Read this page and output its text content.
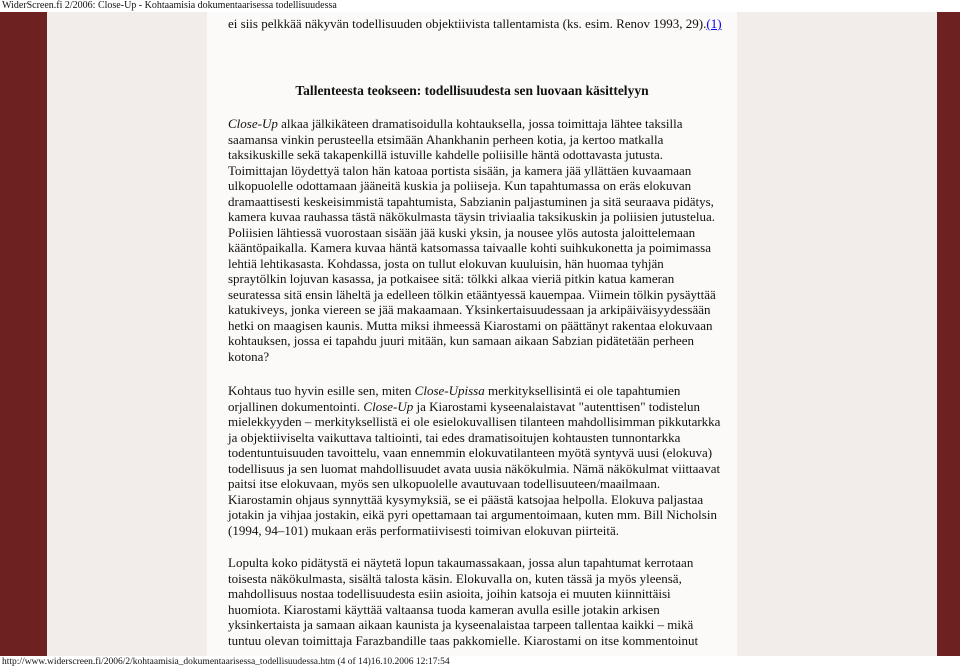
WiderScreen.fi 2/2006: Close-Up - Kohtaamisia dokumentaarisessa todellisuudessa
ei siis pelkkää näkyvän todellisuuden objektiivista tallentamista (ks. esim. Renov 1993, 29).(1)
Tallenteesta teokseen: todellisuudesta sen luovaan käsittelyyn
Close-Up alkaa jälkikäteen dramatisoidulla kohtauksella, jossa toimittaja lähtee taksilla
saamansa vinkin perusteella etsimään Ahankhanin perheen kotia, ja kertoo matkalla
taksikuskille sekä takapenkillä istuville kahdelle poliisille häntä odottavasta jutusta.
Toimittajan löydettyä talon hän katoaa portista sisään, ja kamera jää yllättäen kuvaamaan
ulkopuolelle odottamaan jääneitä kuskia ja poliiseja. Kun tapahtumassa on eräs elokuvan
dramaattisesti keskeisimmistä tapahtumista, Sabzianin paljastuminen ja sitä seuraava pidätys,
kamera kuvaa rauhassa tästä näkökulmasta täysin triviaalia taksikuskin ja poliisien jutustelua.
Poliisien lähtiessä vuorostaan sisään jää kuski yksin, ja nousee ylös autosta jaloittelemaan
kääntöpaikalla. Kamera kuvaa häntä katsomassa taivaalle kohti suihkukonetta ja poimimassa
lehtiä lehtikasasta. Kohdassa, josta on tullut elokuvan kuuluisin, hän huomaa tyhjän
spraytölkin lojuvan kasassa, ja potkaisee sitä: tölkki alkaa vieriä pitkin katua kameran
seuratessa sitä ensin läheltä ja edelleen tölkin etääntyessä kauempaa. Viimein tölkin pysäyttää
katukiveys, jonka viereen se jää makaamaan. Yksinkertaisuudessaan ja arkipäiväisyydessään
hetki on maagisen kaunis. Mutta miksi ihmeessä Kiarostami on päättänyt rakentaa elokuvaan
kohtauksen, jossa ei tapahdu juuri mitään, kun samaan aikaan Sabzian pidätetään perheen
kotona?
Kohtaus tuo hyvin esille sen, miten Close-Upissa merkityksellisintä ei ole tapahtumien
orjallinen dokumentointi. Close-Up ja Kiarostami kyseenalaistavat "autenttisen" todistelun
mielekkyyden – merkityksellistä ei ole esielokuvallisen tilanteen mahdollisimman pikkutarkka
ja objektiiviselta vaikuttava taltiointi, tai edes dramatisoitujen kohtausten tunnontarkka
todentuntuisuuden tavoittelu, vaan ennemmin elokuvatilanteen myötä syntyvä uusi (elokuva)
todellisuus ja sen luomat mahdollisuudet avata uusia näkökulmia. Nämä näkökulmat viittaavat
paitsi itse elokuvaan, myös sen ulkopuolelle avautuvaan todellisuuteen/maailmaan.
Kiarostamin ohjaus synnyttää kysymyksiä, se ei päästä katsojaa helpolla. Elokuva paljastaa
jotakin ja vihjaa jostakin, eikä pyri opettamaan tai argumentoimaan, kuten mm. Bill Nicholsin
(1994, 94–101) mukaan eräs performatiivisesti toimivan elokuvan piirteitä.
Lopulta koko pidätystä ei näytetä lopun takaumassakaan, jossa alun tapahtumat kerrotaan
toisesta näkökulmasta, sisältä talosta käsin. Elokuvalla on, kuten tässä ja myös yleensä,
mahdollisuus nostaa todellisuudesta esiin asioita, joihin katsoja ei muuten kiinnittäisi
huomiota. Kiarostami käyttää valtaansa tuoda kameran avulla esille jotakin arkisen
yksinkertaista ja samaan aikaan kaunista ja kyseenalaistaa tarpeen tallentaa kaikki – mikä
tuntuu olevan toimittaja Farazbandille taas pakkomielle. Kiarostami on itse kommentoinut
http://www.widerscreen.fi/2006/2/kohtaamisia_dokumentaarisessa_todellisuudessa.htm (4 of 14)16.10.2006 12:17:54
